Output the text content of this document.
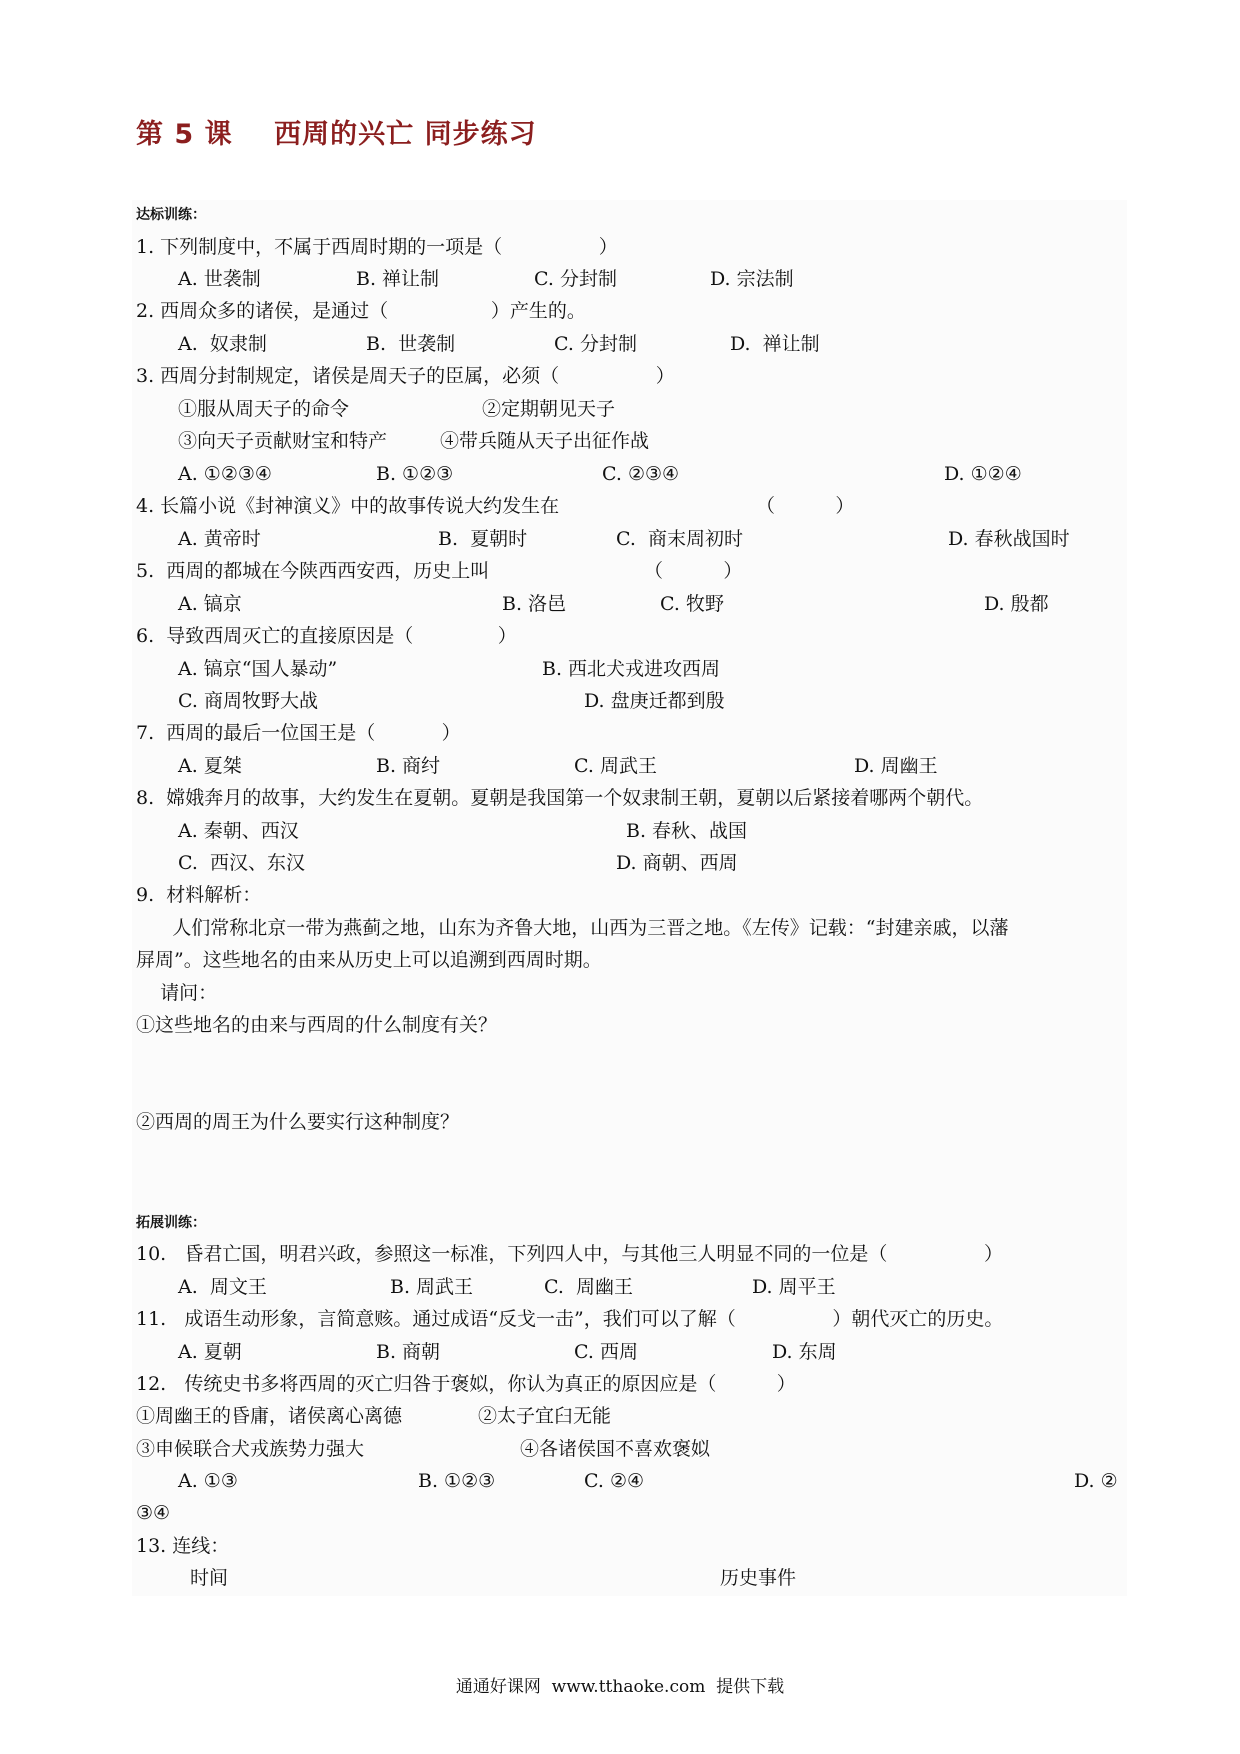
第 5 课    西周的兴亡 同步练习
达标训练：
1. 下列制度中，不属于西周时期的一项是（                ）
A. 世袭制	B. 禅让制	C. 分封制	D. 宗法制
2. 西周众多的诸侯，是通过（                 ）产生的。
A.  奴隶制	B.  世袭制	C. 分封制	D.  禅让制
3. 西周分封制规定，诸侯是周天子的臣属，必须（                ）
①服从周天子的命令	②定期朝见天子
③向天子贡献财宝和特产	④带兵随从天子出征作战
A. ①②③④	B. ①②③	C. ②③④	D. ①②④
4. 长篇小说《封神演义》中的故事传说大约发生在	（          ）
A. 黄帝时	B.  夏朝时	C.  商末周初时	D. 春秋战国时
5.  西周的都城在今陕西西安西，历史上叫	（          ）
A. 镐京	B. 洛邑	C. 牧野	D. 殷都
6.  导致西周灭亡的直接原因是（              ）
A. 镐京“国人暴动”	B. 西北犬戎进攻西周
C. 商周牧野大战	D. 盘庚迁都到殷
7.  西周的最后一位国王是（           ）
A. 夏桀	B. 商纣	C. 周武王	D. 周幽王
8.  嫦娥奔月的故事，大约发生在夏朝。夏朝是我国第一个奴隶制王朝，夏朝以后紧接着哪两个朝代。
A. 秦朝、西汉	B. 春秋、战国
C.  西汉、东汉	D. 商朝、西周
9.  材料解析：
人们常称北京一带为燕蓟之地，山东为齐鲁大地，山西为三晋之地。《左传》记载：“封建亲戚，以藩
屏周”。这些地名的由来从历史上可以追溯到西周时期。
请问：
①这些地名的由来与西周的什么制度有关？
②西周的周王为什么要实行这种制度？
拓展训练：
10.   昏君亡国，明君兴政，参照这一标准，下列四人中，与其他三人明显不同的一位是（                ）
A.  周文王	B. 周武王	C.  周幽王	D. 周平王
11.   成语生动形象，言简意赅。通过成语“反戈一击”，我们可以了解（                ）朝代灭亡的历史。
A. 夏朝	B. 商朝	C. 西周	D. 东周
12.   传统史书多将西周的灭亡归咎于褒姒，你认为真正的原因应是（          ）
①周幽王的昏庸，诸侯离心离德	②太子宜臼无能
③申候联合犬戎族势力强大	④各诸侯国不喜欢褒姒
A. ①③	B. ①②③	C. ②④	D. ②
③④
13. 连线：
时间	历史事件
通通好课网  www.tthaoke.com  提供下载
